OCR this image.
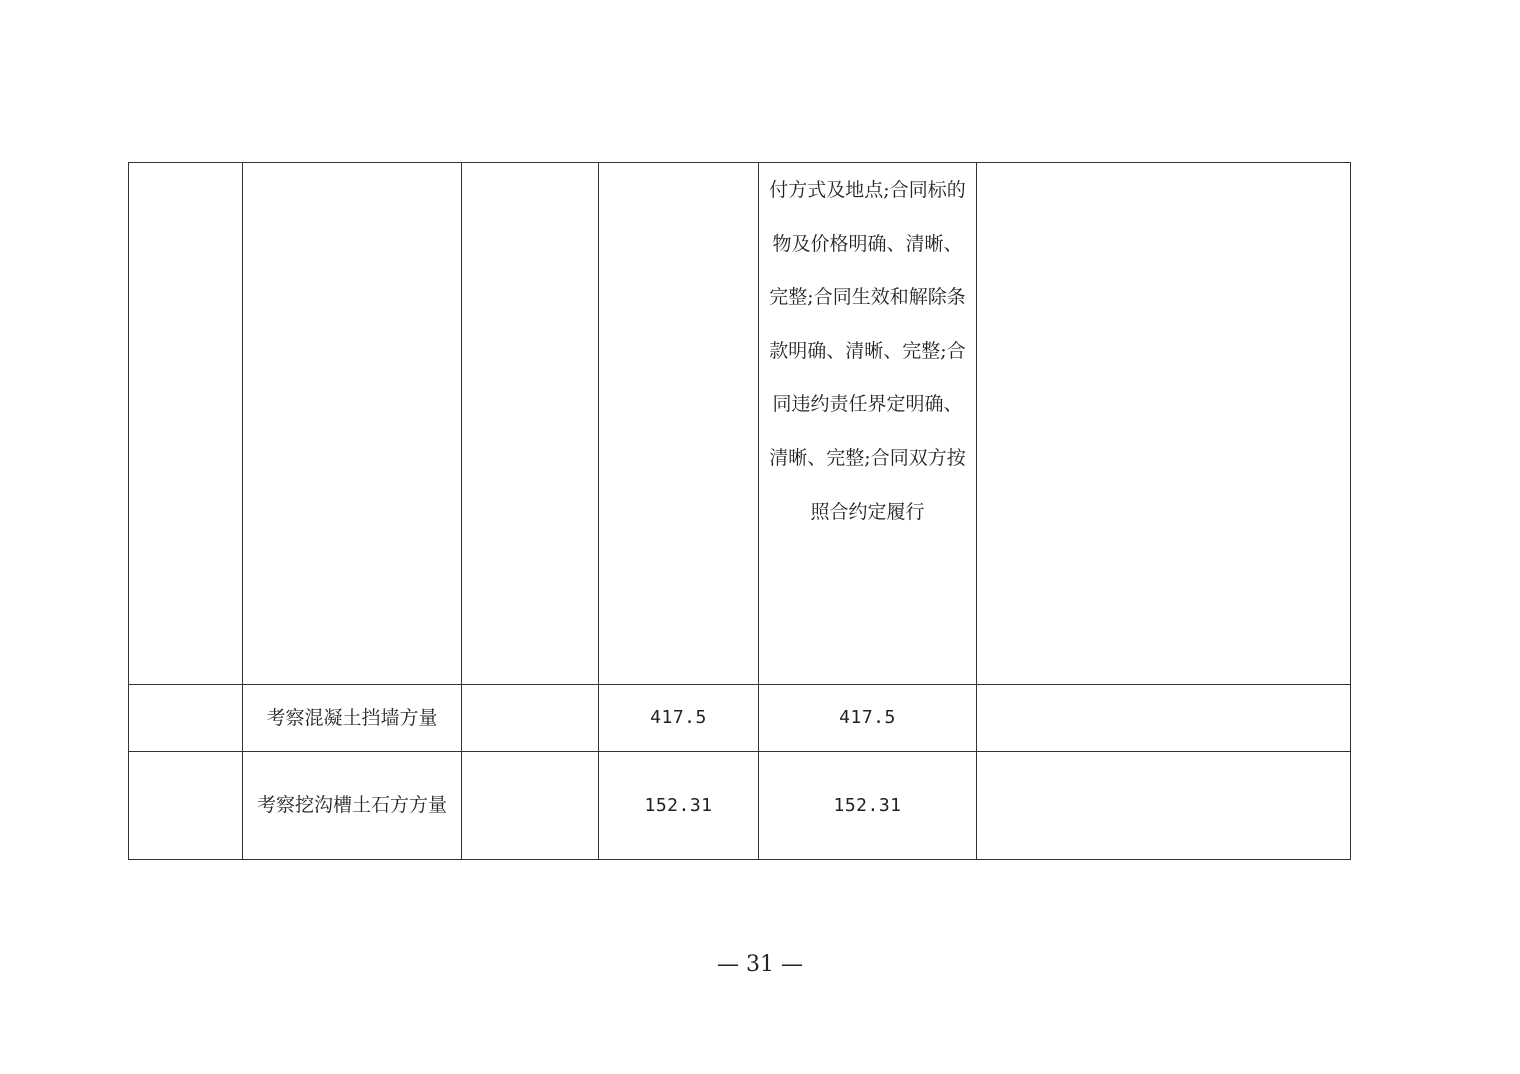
				付方式及地点;合同标的物及价格明确、清晰、完整;合同生效和解除条款明确、清晰、完整;合同违约责任界定明确、清晰、完整;合同双方按照合约定履行	

	考察混凝土挡墙方量		417.5	417.5	

	考察挖沟槽土石方方量		152.31	152.31	

— 31 —
